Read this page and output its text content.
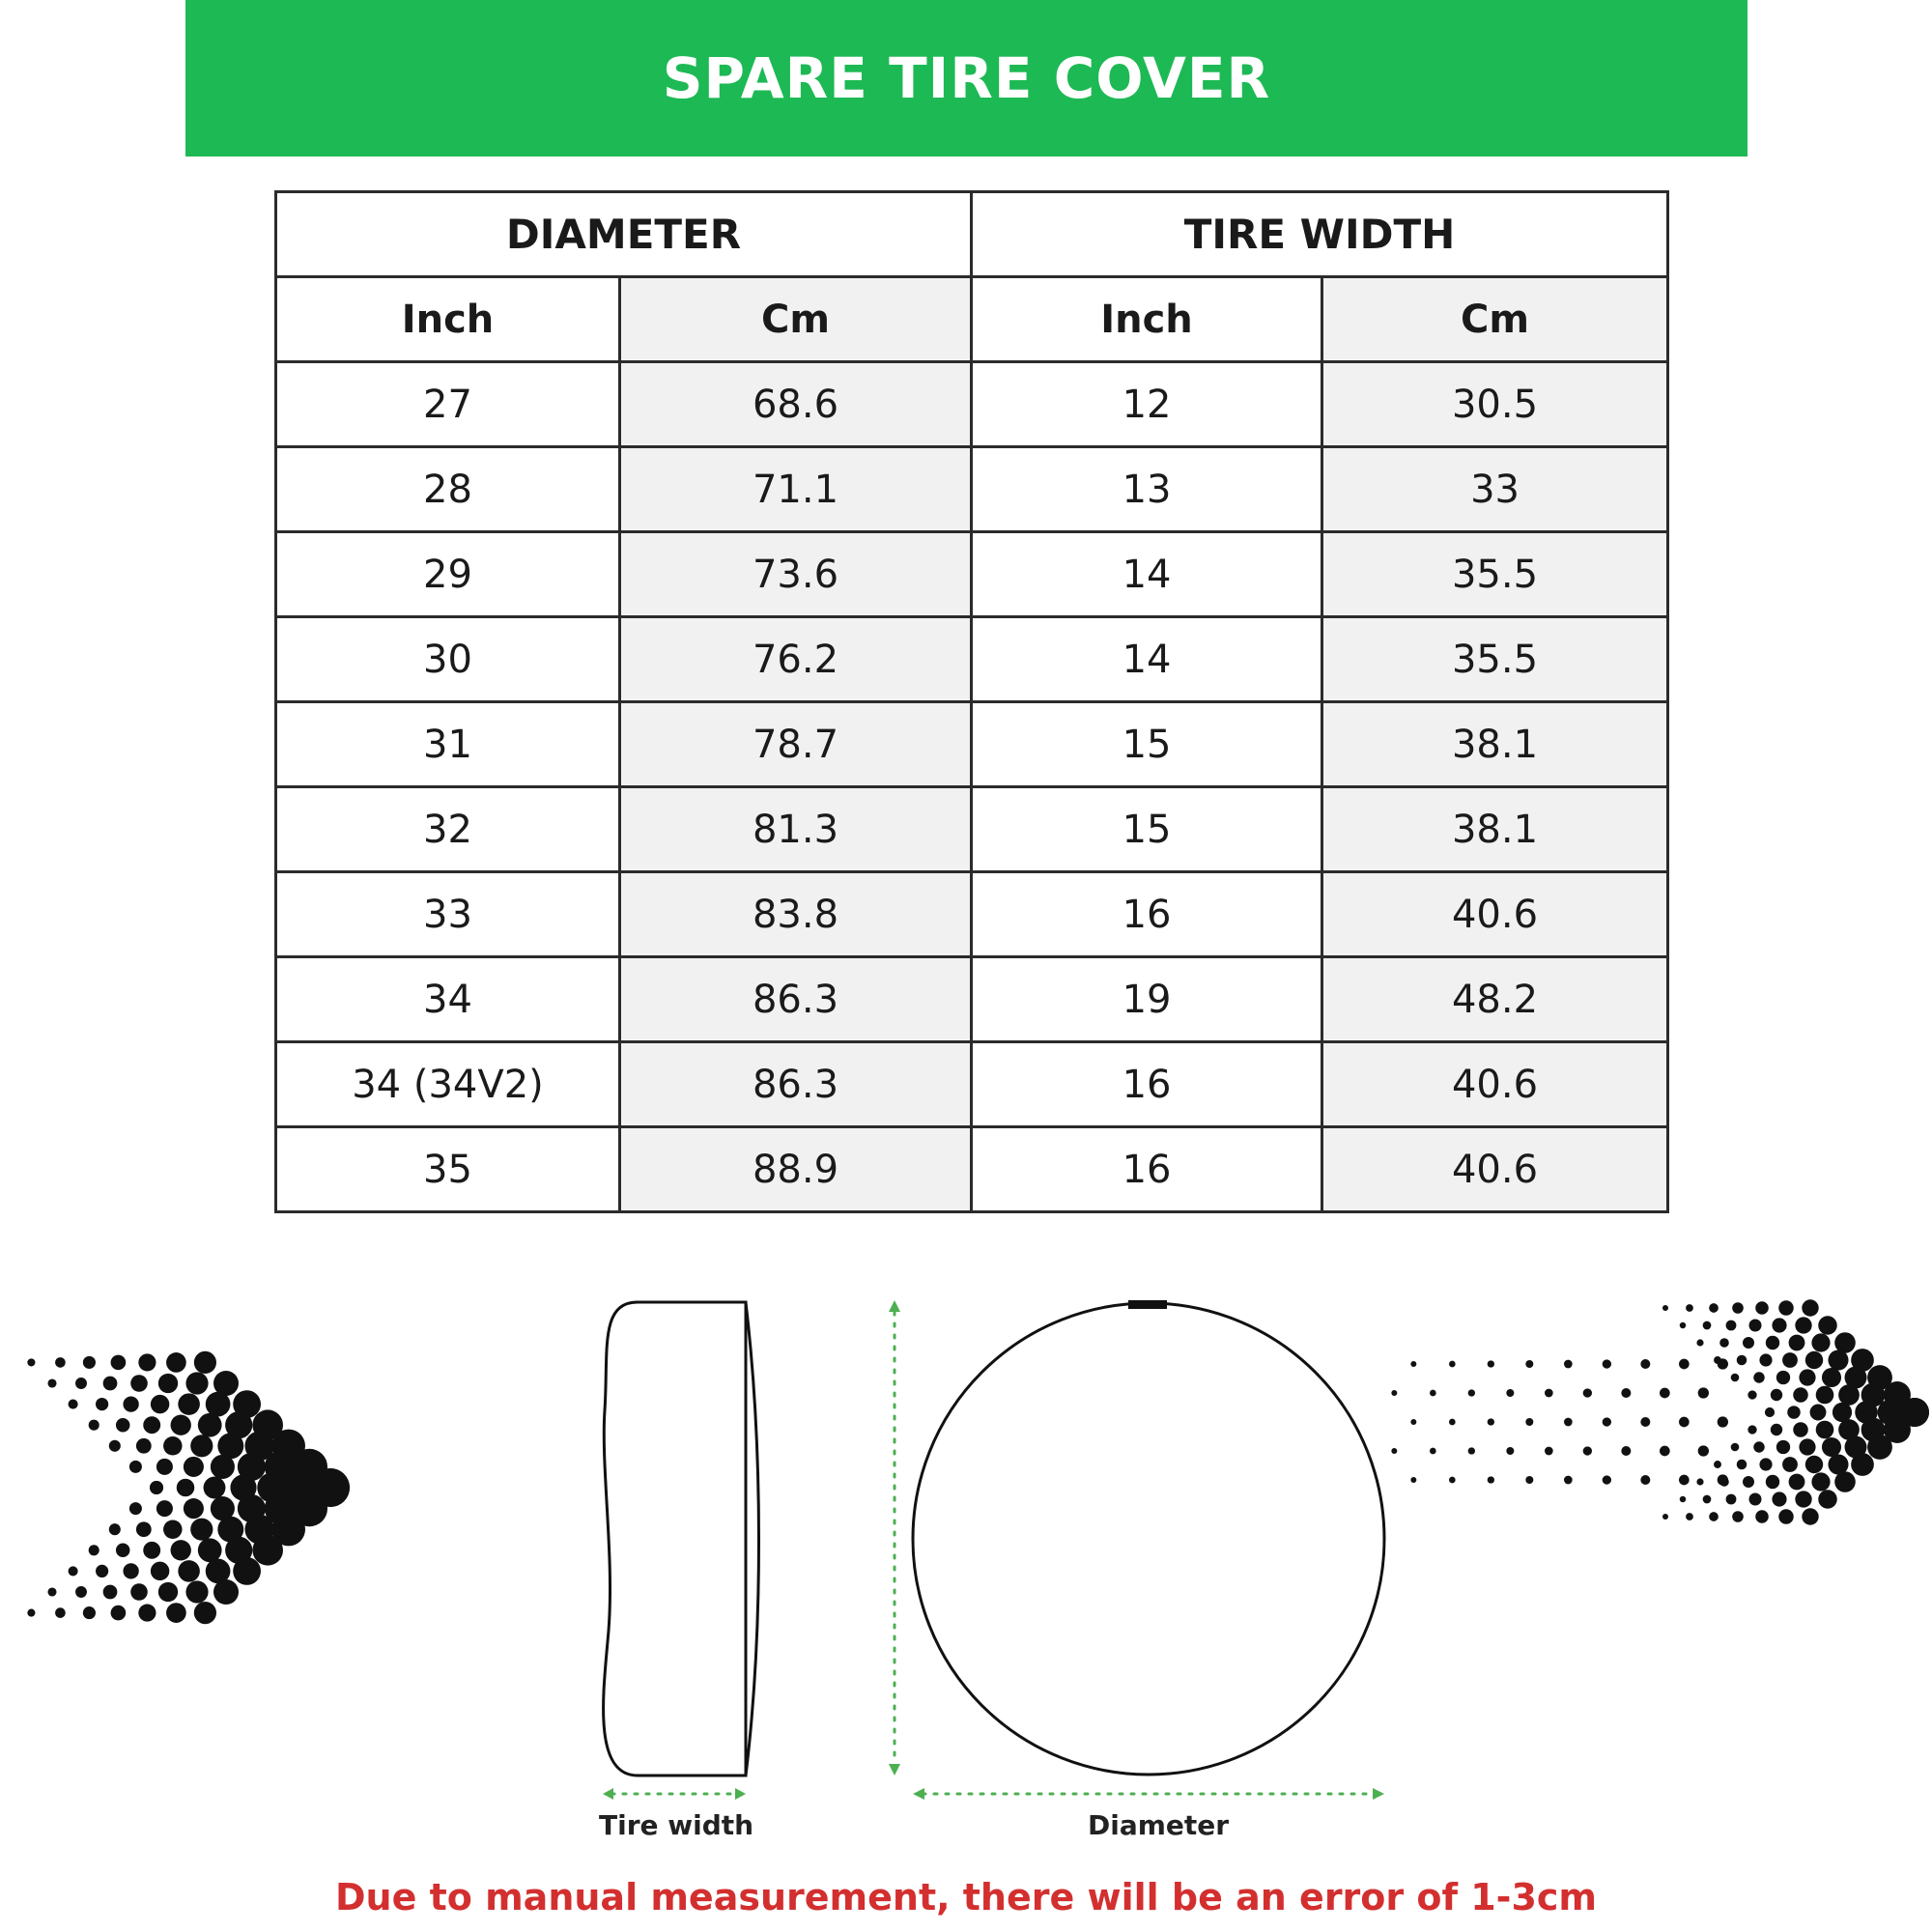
SPARE TIRE COVER
DIAMETER		TIRE WIDTH	
Inch	Cm	Inch	Cm
27	68.6	12	30.5
28	71.1	13	33
29	73.6	14	35.5
30	76.2	14	35.5
31	78.7	15	38.1
32	81.3	15	38.1
33	83.8	16	40.6
34	86.3	19	48.2
34 (34V2)	86.3	16	40.6
35	88.9	16	40.6
Tire width	Diameter
Due to manual measurement, there will be an error of 1-3cm
